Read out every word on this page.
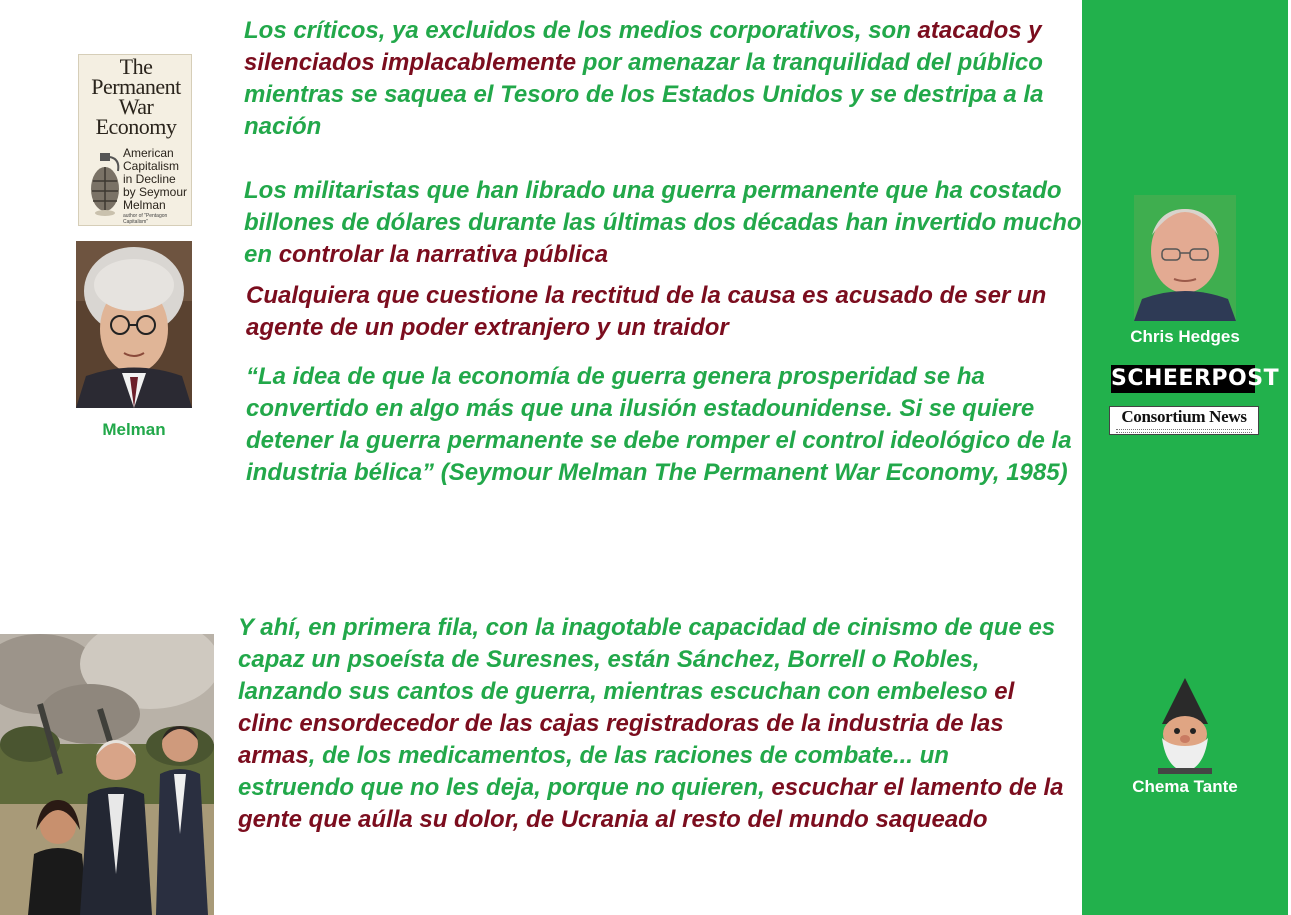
The
Permanent
War
Economy
American
Capitalism
in Decline
by Seymour
Melman
author of "Pentagon Capitalism"
Melman

Los críticos, ya excluidos de los medios corporativos, son atacados y silenciados implacablemente por amenazar la tranquilidad del público mientras se saquea el Tesoro de los Estados Unidos y se destripa a la nación

Los militaristas que han librado una guerra permanente que ha costado billones de dólares durante las últimas dos décadas han invertido mucho en controlar la narrativa pública

Cualquiera que cuestione la rectitud de la causa es acusado de ser un agente de un poder extranjero y un traidor

“La idea de que la economía de guerra genera prosperidad se ha convertido en algo más que una ilusión estadounidense. Si se quiere detener la guerra permanente se debe romper el control ideológico de la industria bélica” (Seymour Melman The Permanent War Economy, 1985)

Y ahí, en primera fila, con la inagotable capacidad de cinismo de que es capaz un psoeísta de Suresnes, están Sánchez, Borrell o Robles, lanzando sus cantos de guerra, mientras escuchan con embeleso el clinc ensordecedor de las cajas registradoras de la industria de las armas, de los medicamentos, de las raciones de combate... un estruendo que no les deja, porque no quieren, escuchar el lamento de la gente que aúlla su dolor, de Ucrania al resto del mundo saqueado

Chris Hedges
SCHEERPOST
Consortium News
Chema Tante
